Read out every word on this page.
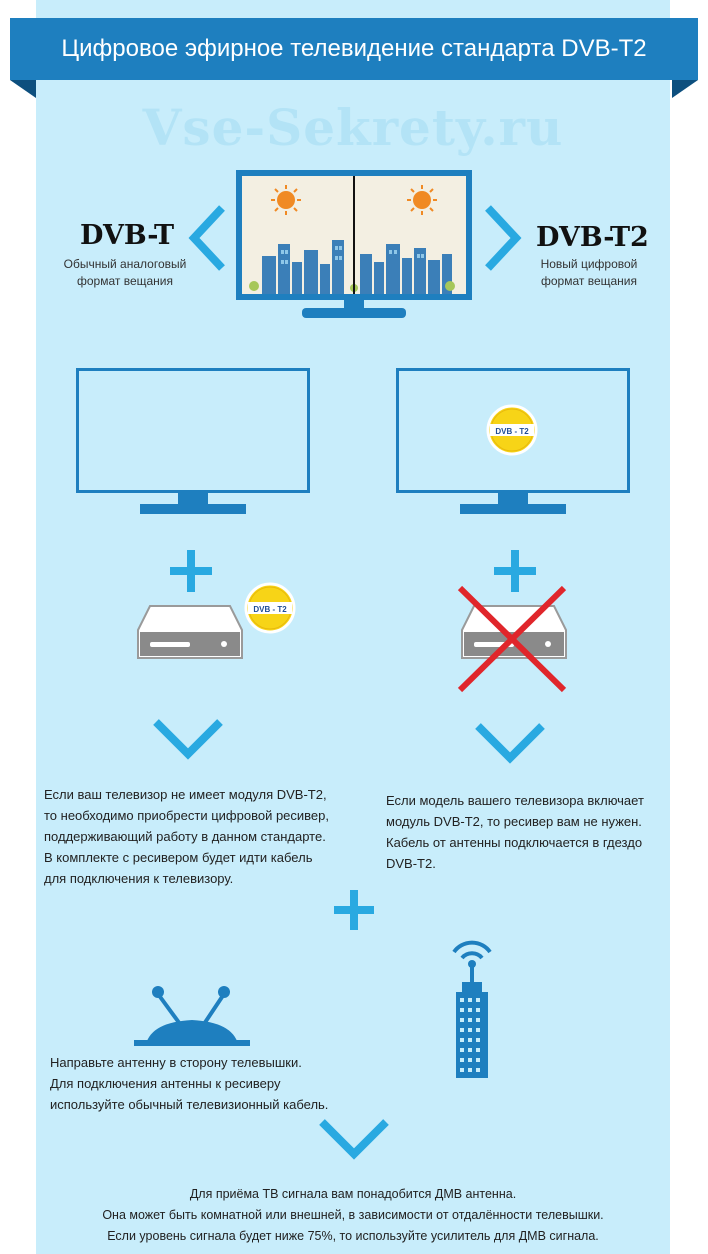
Цифровое эфирное телевидение стандарта DVB-T2
Vse-Sekrety.ru
DVB-T
Обычный аналоговый
формат вещания
DVB-T2
Новый цифровой
формат вещания
DVB - T2
DVB - T2
Если ваш телевизор не имеет модуля DVB-T2,
то необходимо приобрести цифровой ресивер,
поддерживающий работу в данном стандарте.
В комплекте с ресивером будет идти кабель
для подключения к телевизору.
Если модель вашего телевизора включает
модуль DVB-T2, то ресивер вам не нужен.
Кабель от антенны подключается в гдездо
DVB-T2.
Направьте антенну в сторону телевышки.
Для подключения антенны к ресиверу
используйте обычный телевизионный кабель.
Для приёма ТВ сигнала вам понадобится ДМВ антенна.
Она может быть комнатной или внешней, в зависимости от отдалённости телевышки.
Если уровень сигнала будет ниже 75%, то используйте усилитель для ДМВ сигнала.
